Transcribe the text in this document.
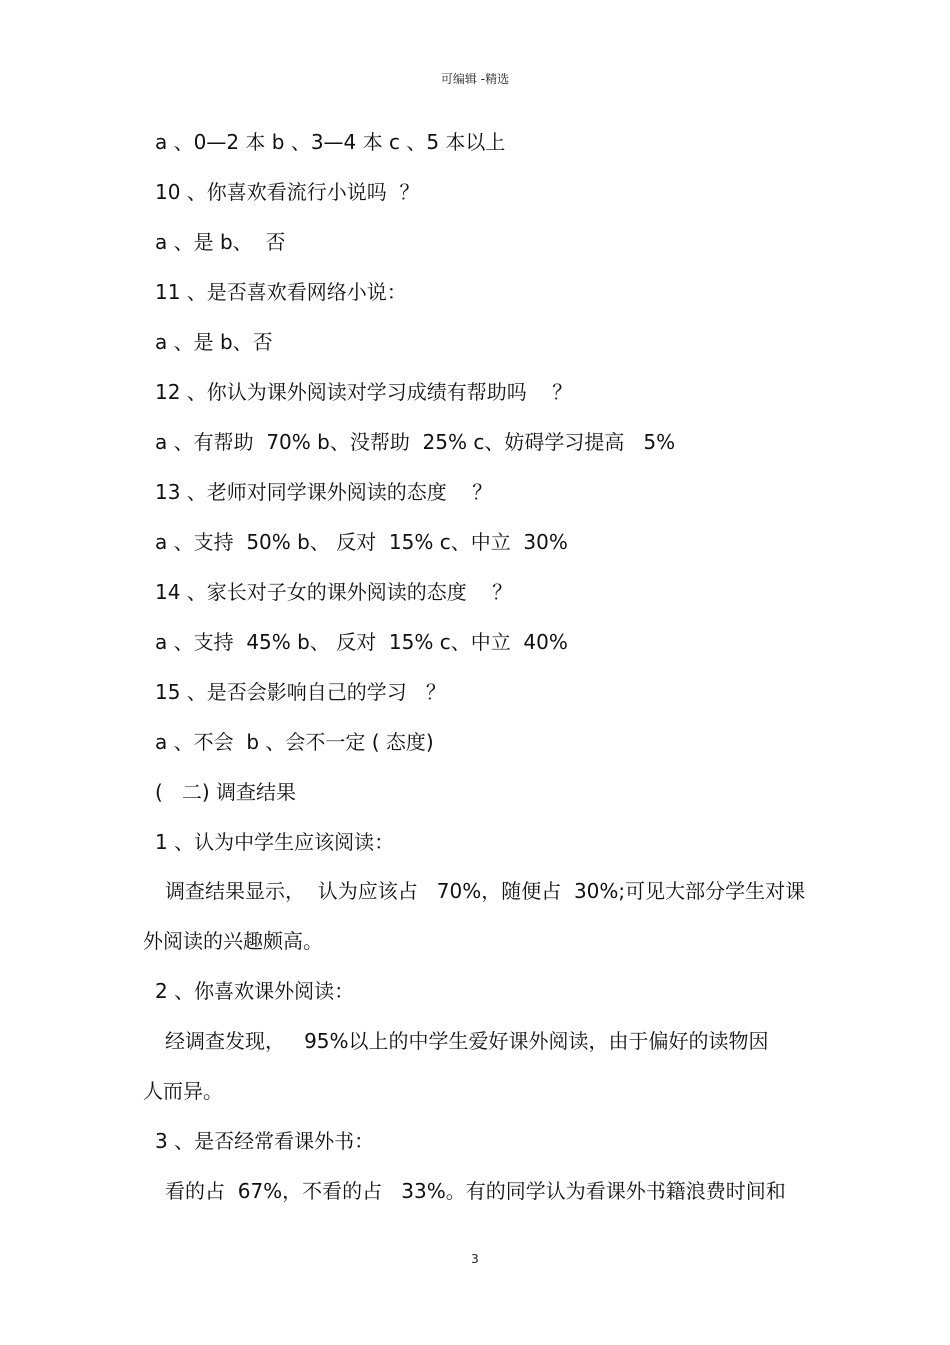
可编辑 -精选
a 、0—2 本 b 、3—4 本 c 、5 本以上
10 、你喜欢看流行小说吗  ？
a 、是 b、  否
11 、是否喜欢看网络小说：
a 、是 b、否
12 、你认为课外阅读对学习成绩有帮助吗    ？
a 、有帮助  70% b、没帮助  25% c、妨碍学习提高   5%
13 、老师对同学课外阅读的态度    ？
a 、支持  50% b、 反对  15% c、中立  30%
14 、家长对子女的课外阅读的态度    ？
a 、支持  45% b、 反对  15% c、中立  40%
15 、是否会影响自己的学习   ？
a 、不会  b 、会不一定 ( 态度)
(   二) 调查结果
1 、认为中学生应该阅读：
调查结果显示，  认为应该占   70%，随便占  30%;可见大部分学生对课
外阅读的兴趣颇高。
2 、你喜欢课外阅读：
经调查发现，   95%以上的中学生爱好课外阅读，由于偏好的读物因
人而异。
3 、是否经常看课外书：
看的占  67%，不看的占   33%。有的同学认为看课外书籍浪费时间和
3
